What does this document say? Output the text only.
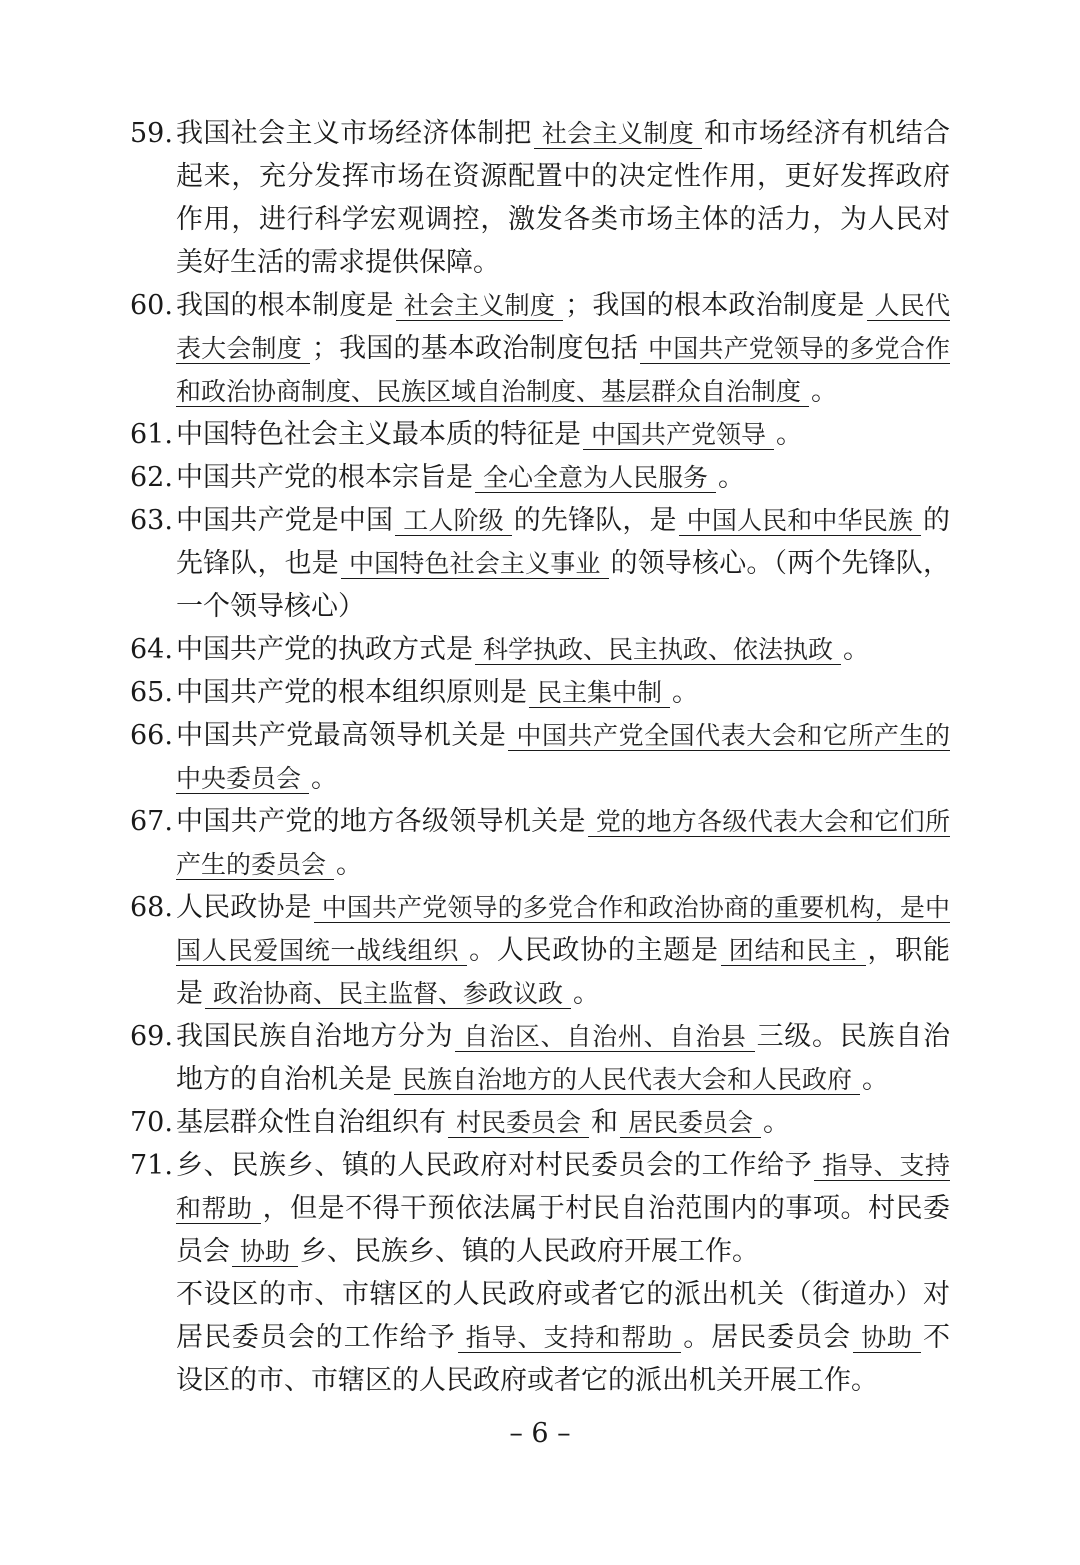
59. 我国社会主义市场经济体制把 社会主义制度 和市场经济有机结合起来，充分发挥市场在资源配置中的决定性作用，更好发挥政府作用，进行科学宏观调控，激发各类市场主体的活力，为人民对美好生活的需求提供保障。
60. 我国的根本制度是 社会主义制度 ；我国的根本政治制度是 人民代表大会制度 ；我国的基本政治制度包括 中国共产党领导的多党合作和政治协商制度、民族区域自治制度、基层群众自治制度 。
61. 中国特色社会主义最本质的特征是 中国共产党领导 。
62. 中国共产党的根本宗旨是 全心全意为人民服务 。
63. 中国共产党是中国 工人阶级 的先锋队，是 中国人民和中华民族 的先锋队，也是 中国特色社会主义事业 的领导核心。（两个先锋队，一个领导核心）
64. 中国共产党的执政方式是 科学执政、民主执政、依法执政 。
65. 中国共产党的根本组织原则是 民主集中制 。
66. 中国共产党最高领导机关是 中国共产党全国代表大会和它所产生的中央委员会 。
67. 中国共产党的地方各级领导机关是 党的地方各级代表大会和它们所产生的委员会 。
68. 人民政协是 中国共产党领导的多党合作和政治协商的重要机构，是中国人民爱国统一战线组织 。人民政协的主题是 团结和民主 ，职能是 政治协商、民主监督、参政议政 。
69. 我国民族自治地方分为 自治区、自治州、自治县 三级。民族自治地方的自治机关是 民族自治地方的人民代表大会和人民政府 。
70. 基层群众性自治组织有 村民委员会 和 居民委员会 。
71. 乡、民族乡、镇的人民政府对村民委员会的工作给予 指导、支持和帮助 ，但是不得干预依法属于村民自治范围内的事项。村民委员会 协助 乡、民族乡、镇的人民政府开展工作。
不设区的市、市辖区的人民政府或者它的派出机关（街道办）对居民委员会的工作给予 指导、支持和帮助 。居民委员会 协助 不设区的市、市辖区的人民政府或者它的派出机关开展工作。
– 6 –
